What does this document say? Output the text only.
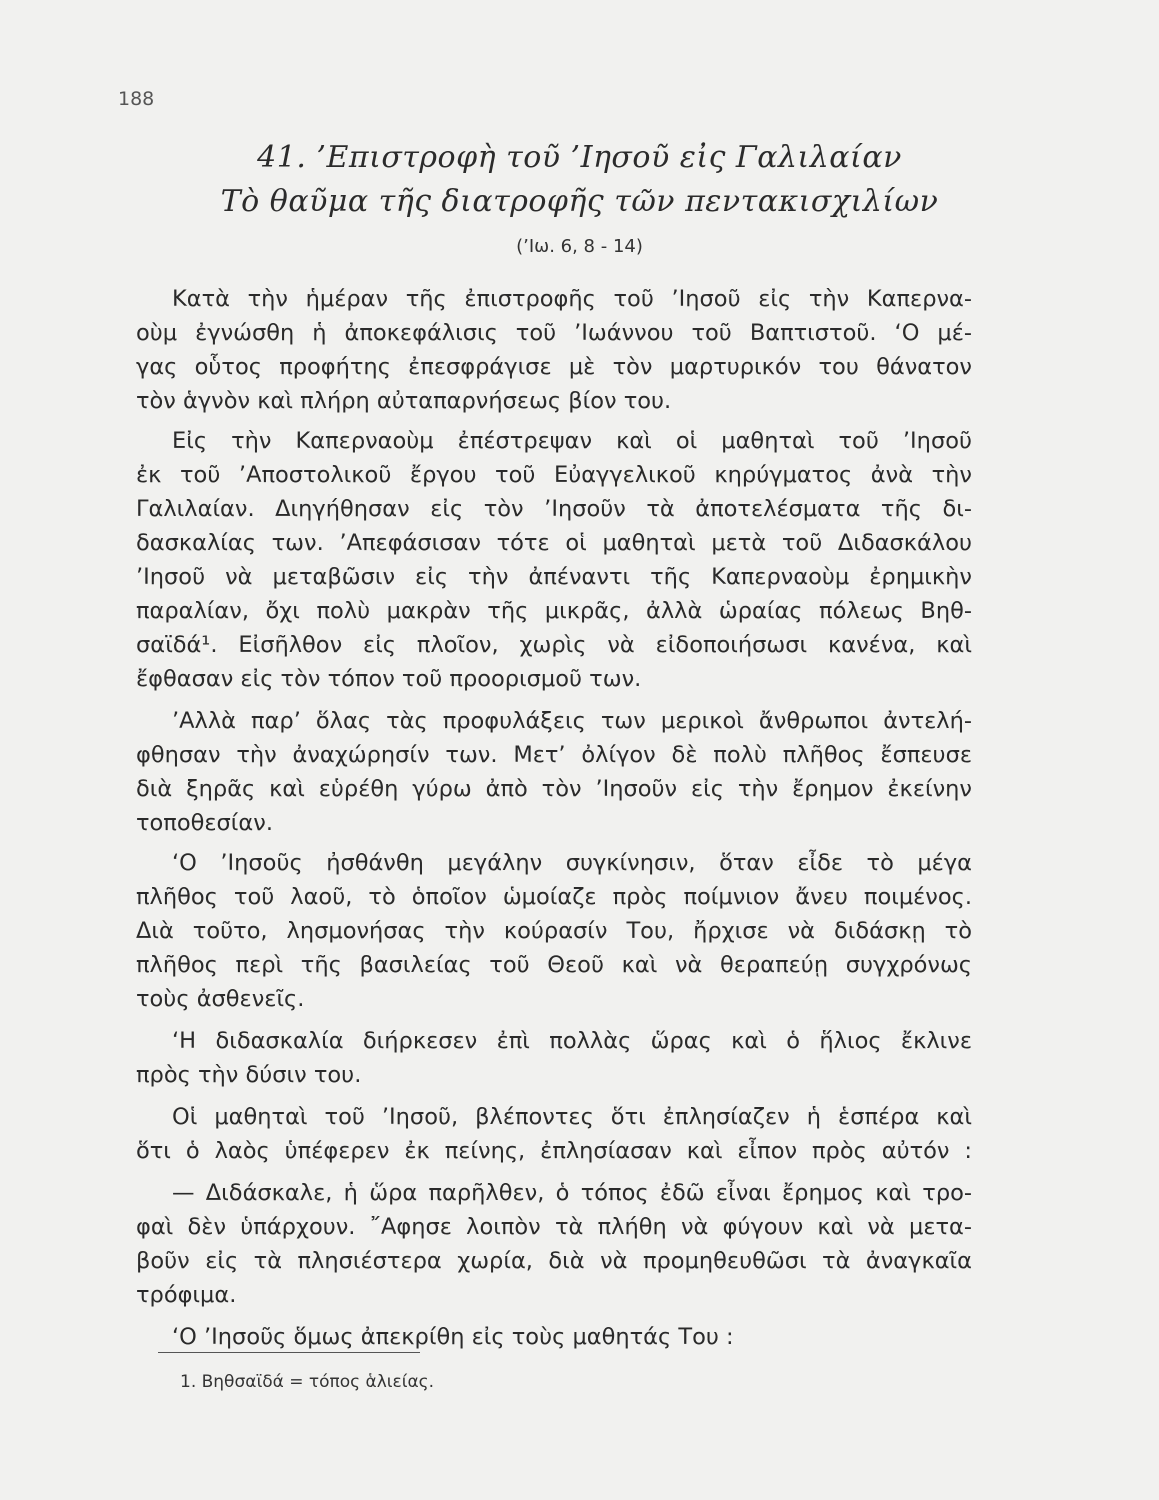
188
41. ’Επιστροφὴ τοῦ ’Ιησοῦ εἰς Γαλιλαίαν
Τὸ θαῦμα τῆς διατροφῆς τῶν πεντακισχιλίων
(’Ιω. 6, 8 - 14)
Κατὰ τὴν ἡμέραν τῆς ἐπιστροφῆς τοῦ ’Ιησοῦ εἰς τὴν Καπερνα-
οὺμ ἐγνώσθη ἡ ἀποκεφάλισις τοῦ ’Ιωάννου τοῦ Βαπτιστοῦ. ‘Ο μέ-
γας οὗτος προφήτης ἐπεσφράγισε μὲ τὸν μαρτυρικόν του θάνατον
τὸν ἁγνὸν καὶ πλήρη αὐταπαρνήσεως βίον του.
Εἰς τὴν Καπερναοὺμ ἐπέστρεψαν καὶ οἱ μαθηταὶ τοῦ ’Ιησοῦ
ἐκ τοῦ ’Αποστολικοῦ ἔργου τοῦ Εὐαγγελικοῦ κηρύγματος ἀνὰ τὴν
Γαλιλαίαν. Διηγήθησαν εἰς τὸν ’Ιησοῦν τὰ ἀποτελέσματα τῆς δι-
δασκαλίας των. ’Απεφάσισαν τότε οἱ μαθηταὶ μετὰ τοῦ Διδασκάλου
’Ιησοῦ νὰ μεταβῶσιν εἰς τὴν ἀπέναντι τῆς Καπερναοὺμ ἐρημικὴν
παραλίαν, ὄχι πολὺ μακρὰν τῆς μικρᾶς, ἀλλὰ ὡραίας πόλεως Βηθ-
σαϊδά¹. Εἰσῆλθον εἰς πλοῖον, χωρὶς νὰ εἰδοποιήσωσι κανένα, καὶ
ἔφθασαν εἰς τὸν τόπον τοῦ προορισμοῦ των.
’Αλλὰ παρ’ ὅλας τὰς προφυλάξεις των μερικοὶ ἄνθρωποι ἀντελή-
φθησαν τὴν ἀναχώρησίν των. Μετ’ ὀλίγον δὲ πολὺ πλῆθος ἔσπευσε
διὰ ξηρᾶς καὶ εὑρέθη γύρω ἀπὸ τὸν ’Ιησοῦν εἰς τὴν ἔρημον ἐκείνην
τοποθεσίαν.
‘Ο ’Ιησοῦς ἠσθάνθη μεγάλην συγκίνησιν, ὅταν εἶδε τὸ μέγα
πλῆθος τοῦ λαοῦ, τὸ ὁποῖον ὡμοίαζε πρὸς ποίμνιον ἄνευ ποιμένος.
Διὰ τοῦτο, λησμονήσας τὴν κούρασίν Του, ἤρχισε νὰ διδάσκῃ τὸ
πλῆθος περὶ τῆς βασιλείας τοῦ Θεοῦ καὶ νὰ θεραπεύῃ συγχρόνως
τοὺς ἀσθενεῖς.
‘Η διδασκαλία διήρκεσεν ἐπὶ πολλὰς ὥρας καὶ ὁ ἥλιος ἔκλινε
πρὸς τὴν δύσιν του.
Οἱ μαθηταὶ τοῦ ’Ιησοῦ, βλέποντες ὅτι ἐπλησίαζεν ἡ ἑσπέρα καὶ
ὅτι ὁ λαὸς ὑπέφερεν ἐκ πείνης, ἐπλησίασαν καὶ εἶπον πρὸς αὐτόν :
— Διδάσκαλε, ἡ ὥρα παρῆλθεν, ὁ τόπος ἐδῶ εἶναι ἔρημος καὶ τρο-
φαὶ δὲν ὑπάρχουν. ῎Αφησε λοιπὸν τὰ πλήθη νὰ φύγουν καὶ νὰ μετα-
βοῦν εἰς τὰ πλησιέστερα χωρία, διὰ νὰ προμηθευθῶσι τὰ ἀναγκαῖα
τρόφιμα.
‘Ο ’Ιησοῦς ὅμως ἀπεκρίθη εἰς τοὺς μαθητάς Του :
1. Βηθσαϊδά = τόπος ἁλιείας.
